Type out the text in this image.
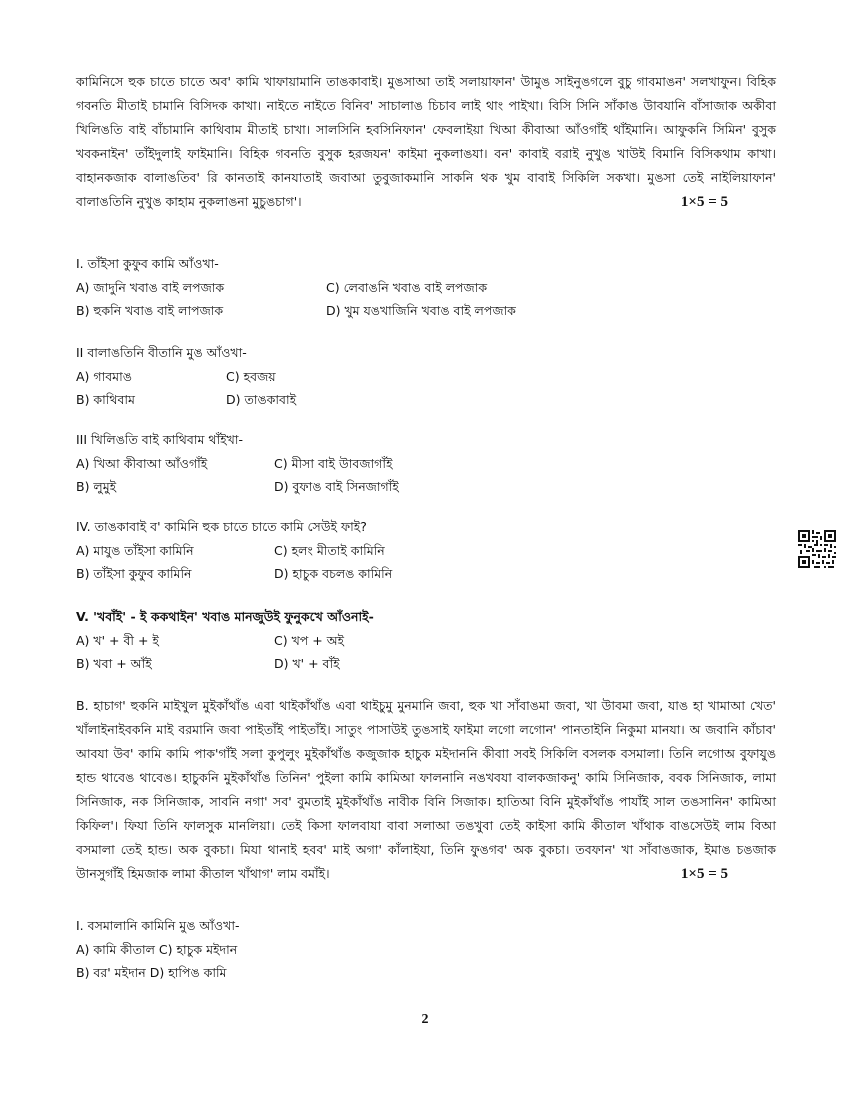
কামিনিসে হুক চাতে চাতে অব' কামি খাফায়ামানি তাঙকাবাই। মুঙসাআ তাই সলায়াফান' উামুঙ সাইনুঙগলে বুচু গাবমাঙন' সলখাফুন। বিহিক গবনতি মীতাই চামানি বিসিদক কাখা। নাইতে নাইতে বিনিব' সাচালাঙ চিচাব লাই থাং পাইখা। বিসি সিনি সাঁকাঙ উাবযানি বাঁসাজাক অকীবা খিলিঙতি বাই বাঁচামানি কাথিবাম মীতাই চাখা। সালসিনি হবসিনিফান' ফেবলাইয়া খিআ কীবাআ আঁওগাঁই থাঁইমানি। আফুকনি সিমিন' বুসুক খবকনাইন' তাঁইদুলাই ফাইমানি। বিহিক গবনতি বুসুক হরজযন' কাইমা নুকলাঙযা। বন' কাবাই বরাই নুখুঙ খাউই বিমানি বিসিকথাম কাখা। বাহানকজাক বালাঙতিব' রি কানতাই কানযাতাই জবাআ তুবুজাকমানি সাকনি থক খুম বাবাই সিকিলি সকখা। মুঙসা তেই নাইলিয়াফান' বালাঙতিনি নুখুঙ কাহাম নুকলাঙনা মুচুঙচাগ'।	1×5 = 5

I. তাঁইসা কুফুব কামি আঁওখা-
A) জাদুনি খবাঙ বাই লপজাক	C) লেবাঙনি খবাঙ বাই লপজাক
B) হুকনি খবাঙ বাই লাপজাক	D) খুম যঙখাজিনি খবাঙ বাই লপজাক
II বালাঙতিনি বীতানি মুঙ আঁওখা-
A) গাবমাঙ	C) হবজয়
B) কাথিবাম	D) তাঙকাবাই
III খিলিঙতি বাই কাথিবাম থাঁইখা-
A) খিআ কীবাআ আঁওগাঁই	C) মীসা বাই উাবজাগাঁই
B) লুমুই	D) বুফাঙ বাই সিনজাগাঁই
IV. তাঙকাবাই ব' কামিনি হুক চাতে চাতে কামি সেউই ফাই?
A) মাযুঙ তাঁইসা কামিনি	C) হলং মীতাই কামিনি
B) তাঁইসা কুফুব কামিনি	D) হাচুক বচলঙ কামিনি
V. 'খবাঁই' - ই ককথাইন' খবাঙ মানজুউই ফুনুকখে আঁওনাই-
A) খ' + বী + ই	C) খপ + অই
B) খবা + আঁই	D) খ' + বাঁই

B. হাচাগ' হুকনি মাইখুল মুইকাঁথাঁঙ এবা থাইকাঁথাঁঙ এবা থাইচুমু মুনমানি জবা, হুক খা সাঁবাঙমা জবা, খা উাবমা জবা, যাঙ হা খামাআ খেত' খাঁলাইনাইবকনি মাই বরমানি জবা পাইতাঁই পাইতাঁই। সাতুং পাসাউই তুঙসাই ফাইমা লগো লগোন' পানতাইনি নিকুমা মানযা। অ জবানি কাঁচাব' আবযা উব' কামি কামি পাক'গাঁই সলা কুপুলুং মুইকাঁথাঁঙ কজুজাক হাচুক মইদাননি কীবাা সবই সিকিলি বসলক বসমালা। তিনি লগোঅ বুফাযুঙ হান্ড থাবেঙ থাবেঙ। হাচুকনি মুইকাঁথাঁঙ তিনিন' পুইলা কামি কামিআ ফালনানি নঙখবযা বালকজাকনু' কামি সিনিজাক, ববক সিনিজাক, লামা সিনিজাক, নক সিনিজাক, সাবনি নগা' সব' বুমতাই মুইকাঁথাঁঙ নাবীক বিনি সিজাক। হাতিআ বিনি মুইকাঁথাঁঙ পাযাঁই সাল তঙসানিন' কামিআ কিফিল'। ফিযা তিনি ফালসুক মানলিয়া। তেই কিসা ফালবাযা বাবা সলাআ তঙখুবা তেই কাইসা কামি কীতাল খাঁথাক বাঙসেউই লাম বিআ বসমালা তেই হান্ড। অক বুকচা। মিযা থানাই হবব' মাই অগা' কাঁলাইযা, তিনি ফুঙগব' অক বুকচা। তবফান' খা সাঁবাঙজাক, ইমাঙ চঙজাক উানসুগাঁই হিমজাক লামা কীতাল খাঁথাগ' লাম বমাঁই।	1×5 = 5

I. বসমালানি কামিনি মুঙ আঁওখা-
A) কামি কীতাল C) হাচুক মইদান
B) বর' মইদান D) হাপিঙ কামি
2
